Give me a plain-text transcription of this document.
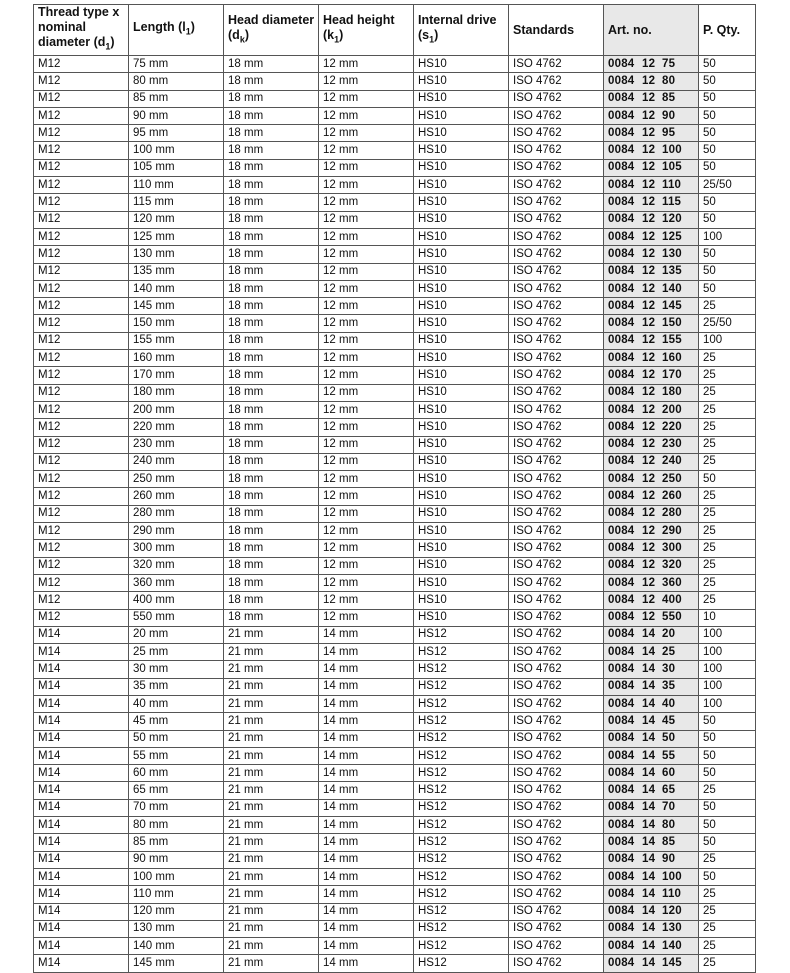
Thread type x nominal diameter $(d_1)$	Length $(l_1)$	Head diameter $(d_k)$	Head height $(k_1)$	Internal drive $(s_1)$	Standards	Art. no.	P. Qty.
M12	75 mm	18 mm	12 mm	HS10	ISO 4762	0084 12 75	50
M12	80 mm	18 mm	12 mm	HS10	ISO 4762	0084 12 80	50
M12	85 mm	18 mm	12 mm	HS10	ISO 4762	0084 12 85	50
M12	90 mm	18 mm	12 mm	HS10	ISO 4762	0084 12 90	50
M12	95 mm	18 mm	12 mm	HS10	ISO 4762	0084 12 95	50
M12	100 mm	18 mm	12 mm	HS10	ISO 4762	0084 12 100	50
M12	105 mm	18 mm	12 mm	HS10	ISO 4762	0084 12 105	50
M12	110 mm	18 mm	12 mm	HS10	ISO 4762	0084 12 110	25/50
M12	115 mm	18 mm	12 mm	HS10	ISO 4762	0084 12 115	50
M12	120 mm	18 mm	12 mm	HS10	ISO 4762	0084 12 120	50
M12	125 mm	18 mm	12 mm	HS10	ISO 4762	0084 12 125	100
M12	130 mm	18 mm	12 mm	HS10	ISO 4762	0084 12 130	50
M12	135 mm	18 mm	12 mm	HS10	ISO 4762	0084 12 135	50
M12	140 mm	18 mm	12 mm	HS10	ISO 4762	0084 12 140	50
M12	145 mm	18 mm	12 mm	HS10	ISO 4762	0084 12 145	25
M12	150 mm	18 mm	12 mm	HS10	ISO 4762	0084 12 150	25/50
M12	155 mm	18 mm	12 mm	HS10	ISO 4762	0084 12 155	100
M12	160 mm	18 mm	12 mm	HS10	ISO 4762	0084 12 160	25
M12	170 mm	18 mm	12 mm	HS10	ISO 4762	0084 12 170	25
M12	180 mm	18 mm	12 mm	HS10	ISO 4762	0084 12 180	25
M12	200 mm	18 mm	12 mm	HS10	ISO 4762	0084 12 200	25
M12	220 mm	18 mm	12 mm	HS10	ISO 4762	0084 12 220	25
M12	230 mm	18 mm	12 mm	HS10	ISO 4762	0084 12 230	25
M12	240 mm	18 mm	12 mm	HS10	ISO 4762	0084 12 240	25
M12	250 mm	18 mm	12 mm	HS10	ISO 4762	0084 12 250	50
M12	260 mm	18 mm	12 mm	HS10	ISO 4762	0084 12 260	25
M12	280 mm	18 mm	12 mm	HS10	ISO 4762	0084 12 280	25
M12	290 mm	18 mm	12 mm	HS10	ISO 4762	0084 12 290	25
M12	300 mm	18 mm	12 mm	HS10	ISO 4762	0084 12 300	25
M12	320 mm	18 mm	12 mm	HS10	ISO 4762	0084 12 320	25
M12	360 mm	18 mm	12 mm	HS10	ISO 4762	0084 12 360	25
M12	400 mm	18 mm	12 mm	HS10	ISO 4762	0084 12 400	25
M12	550 mm	18 mm	12 mm	HS10	ISO 4762	0084 12 550	10
M14	20 mm	21 mm	14 mm	HS12	ISO 4762	0084 14 20	100
M14	25 mm	21 mm	14 mm	HS12	ISO 4762	0084 14 25	100
M14	30 mm	21 mm	14 mm	HS12	ISO 4762	0084 14 30	100
M14	35 mm	21 mm	14 mm	HS12	ISO 4762	0084 14 35	100
M14	40 mm	21 mm	14 mm	HS12	ISO 4762	0084 14 40	100
M14	45 mm	21 mm	14 mm	HS12	ISO 4762	0084 14 45	50
M14	50 mm	21 mm	14 mm	HS12	ISO 4762	0084 14 50	50
M14	55 mm	21 mm	14 mm	HS12	ISO 4762	0084 14 55	50
M14	60 mm	21 mm	14 mm	HS12	ISO 4762	0084 14 60	50
M14	65 mm	21 mm	14 mm	HS12	ISO 4762	0084 14 65	25
M14	70 mm	21 mm	14 mm	HS12	ISO 4762	0084 14 70	50
M14	80 mm	21 mm	14 mm	HS12	ISO 4762	0084 14 80	50
M14	85 mm	21 mm	14 mm	HS12	ISO 4762	0084 14 85	50
M14	90 mm	21 mm	14 mm	HS12	ISO 4762	0084 14 90	25
M14	100 mm	21 mm	14 mm	HS12	ISO 4762	0084 14 100	50
M14	110 mm	21 mm	14 mm	HS12	ISO 4762	0084 14 110	25
M14	120 mm	21 mm	14 mm	HS12	ISO 4762	0084 14 120	25
M14	130 mm	21 mm	14 mm	HS12	ISO 4762	0084 14 130	25
M14	140 mm	21 mm	14 mm	HS12	ISO 4762	0084 14 140	25
M14	145 mm	21 mm	14 mm	HS12	ISO 4762	0084 14 145	25
